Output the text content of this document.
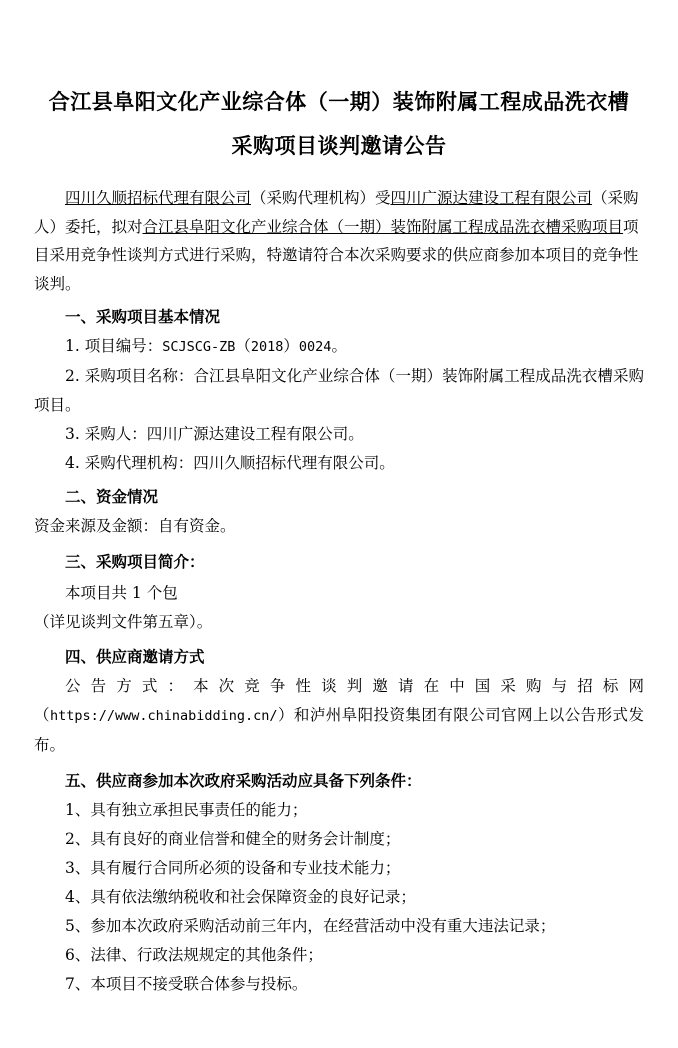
合江县阜阳文化产业综合体（一期）装饰附属工程成品洗衣槽
采购项目谈判邀请公告

四川久顺招标代理有限公司（采购代理机构）受四川广源达建设工程有限公司（采购人）委托，拟对合江县阜阳文化产业综合体（一期）装饰附属工程成品洗衣槽采购项目项目采用竞争性谈判方式进行采购，特邀请符合本次采购要求的供应商参加本项目的竞争性谈判。

一、采购项目基本情况

1. 项目编号：SCJSCG-ZB（2018）0024。

2. 采购项目名称：合江县阜阳文化产业综合体（一期）装饰附属工程成品洗衣槽采购项目。

3. 采购人：四川广源达建设工程有限公司。

4. 采购代理机构：四川久顺招标代理有限公司。

二、资金情况

资金来源及金额：自有资金。

三、采购项目简介：

本项目共 1 个包

（详见谈判文件第五章）。

四、供应商邀请方式

公告方式：本次竞争性谈判邀请在中国采购与招标网（https://www.chinabidding.cn/）和泸州阜阳投资集团有限公司官网上以公告形式发布。

五、供应商参加本次政府采购活动应具备下列条件：

1、具有独立承担民事责任的能力；

2、具有良好的商业信誉和健全的财务会计制度；

3、具有履行合同所必须的设备和专业技术能力；

4、具有依法缴纳税收和社会保障资金的良好记录；

5、参加本次政府采购活动前三年内，在经营活动中没有重大违法记录；

6、法律、行政法规规定的其他条件；

7、本项目不接受联合体参与投标。
